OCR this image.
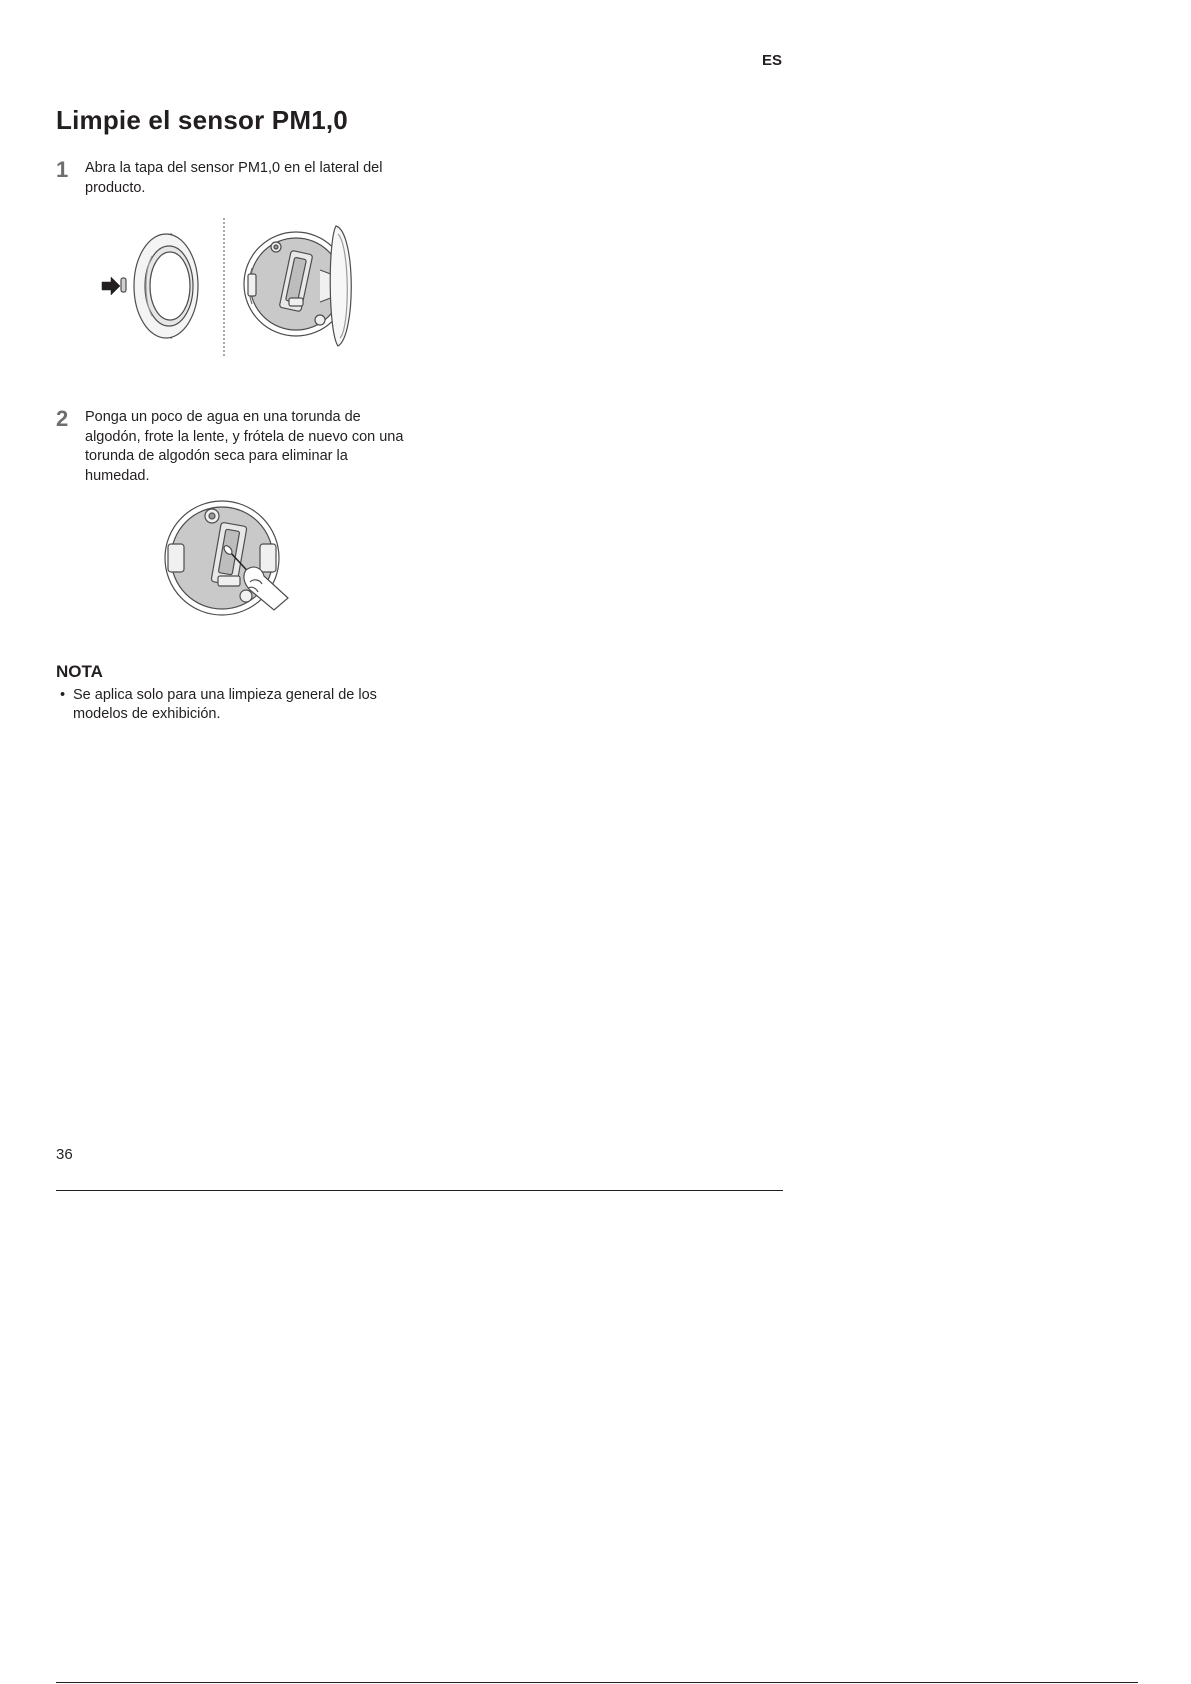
ES
Limpie el sensor PM1,0
1 Abra la tapa del sensor PM1,0 en el lateral del producto.
2 Ponga un poco de agua en una torunda de algodón, frote la lente, y frótela de nuevo con una torunda de algodón seca para eliminar la humedad.
NOTA
• Se aplica solo para una limpieza general de los modelos de exhibición.
36
